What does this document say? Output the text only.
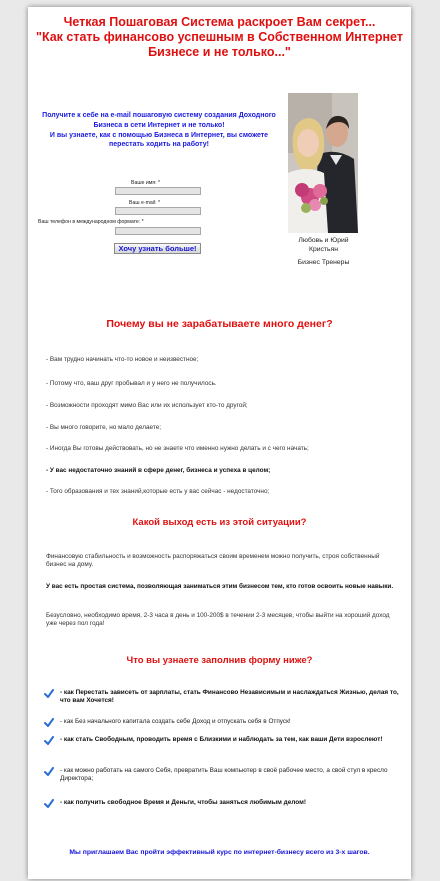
Четкая Пошаговая Система раскроет Вам секрет...
"Как стать финансово успешным в Собственном Интернет Бизнесе и не только..."
Получите к себе на e-mail пошаговую систему создания Доходного Бизнеса в сети Интернет и не только!
И вы узнаете, как с помощью Бизнеса в Интернет, вы сможете перестать ходить на работу!
Ваше имя: *
Ваш e-mail: *
Ваш телефон в международном формате: *
Хочу узнать больше!
Любовь и Юрий Кристьян
Бизнес Тренеры
Почему вы не зарабатываете много денег?
- Вам трудно начинать что-то новое и неизвестное;
- Потому что, ваш друг пробывал и у него не получилось.
- Возможности проходят мимо Вас или их использует кто-то другой;
- Вы много говорите, но мало делаете;
- Иногда Вы готовы действовать, но не знаете что именно нужно делать и с чего начать;
- У вас недостаточно знаний в сфере денег, бизнеса и успеха в целом;
- Того образования и тех знаний,которые есть у вас сейчас - недостаточно;
Какой выход есть из этой ситуации?
Финансовую стабильность и возможность распоряжаться своим временем можно получить, строя собственный бизнес на дому.
У вас есть простая система, позволяющая заниматься этим бизнесом тем, кто готов освоить новые навыки.
Безусловно, необходимо время, 2-3 часа в день и 100-200$ в течении 2-3 месяцев, чтобы выйти на хороший доход уже через пол года!
Что вы узнаете заполнив форму ниже?
- как Перестать зависеть от зарплаты, стать Финансово Независимым и наслаждаться Жизнью, делая то, что вам Хочется!
- как Без начального капитала создать себе Доход и отпускать себя в Отпуск!
- как стать Свободным, проводить время с Близкими и наблюдать за тем, как ваши Дети взрослеют!
- как можно работать на самого Себя, превратить Ваш компьютер в своё рабочее место, а свой стул в кресло Директора;
- как получить свободное Время и Деньги, чтобы заняться любимым делом!
Мы приглашаем Вас пройти эффективный курс по интернет-бизнесу всего из 3-х шагов.
